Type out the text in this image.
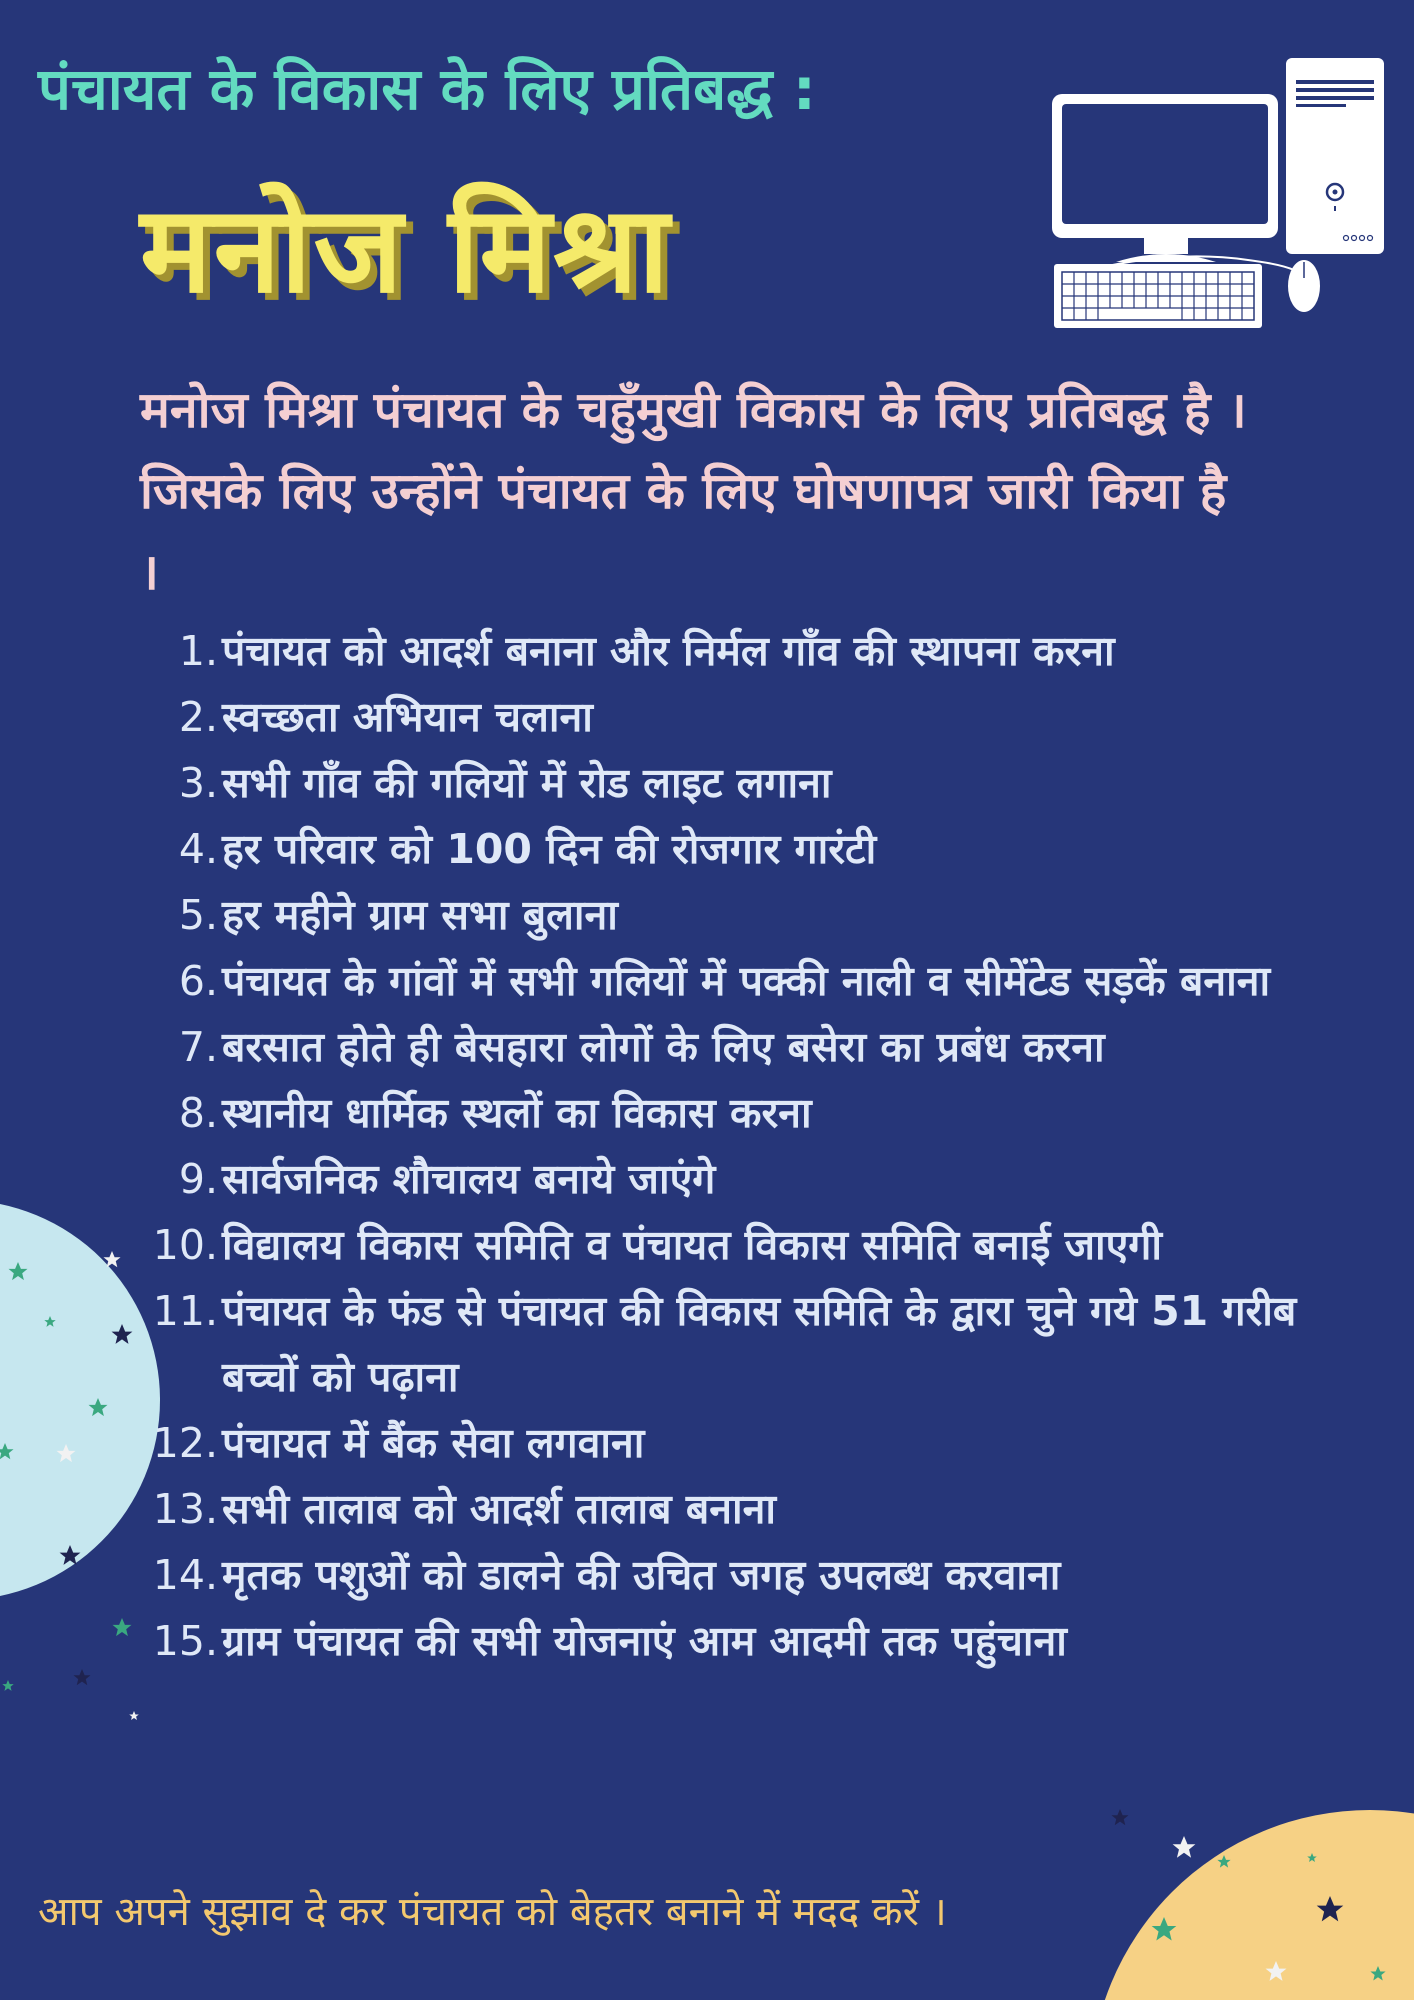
पंचायत के विकास के लिए प्रतिबद्ध :
मनोज मिश्रा
मनोज मिश्रा पंचायत के चहुँमुखी विकास के लिए प्रतिबद्ध है । जिसके लिए उन्होंने पंचायत के लिए घोषणापत्र जारी किया है ।
1. पंचायत को आदर्श बनाना और निर्मल गाँव की स्थापना करना
2. स्वच्छता अभियान चलाना
3. सभी गाँव की गलियों में रोड लाइट लगाना
4. हर परिवार को 100 दिन की रोजगार गारंटी
5. हर महीने ग्राम सभा बुलाना
6. पंचायत के गांवों में सभी गलियों में पक्की नाली व सीमेंटेड सड़कें बनाना
7. बरसात होते ही बेसहारा लोगों के लिए बसेरा का प्रबंध करना
8. स्थानीय धार्मिक स्थलों का विकास करना
9. सार्वजनिक शौचालय बनाये जाएंगे
10. विद्यालय विकास समिति व पंचायत विकास समिति बनाई जाएगी
11. पंचायत के फंड से पंचायत की विकास समिति के द्वारा चुने गये 51 गरीब बच्चों को पढ़ाना
12. पंचायत में बैंक सेवा लगवाना
13. सभी तालाब को आदर्श तालाब बनाना
14. मृतक पशुओं को डालने की उचित जगह उपलब्ध करवाना
15. ग्राम पंचायत की सभी योजनाएं आम आदमी तक पहुंचाना
आप अपने सुझाव दे कर पंचायत को बेहतर बनाने में मदद करें ।
